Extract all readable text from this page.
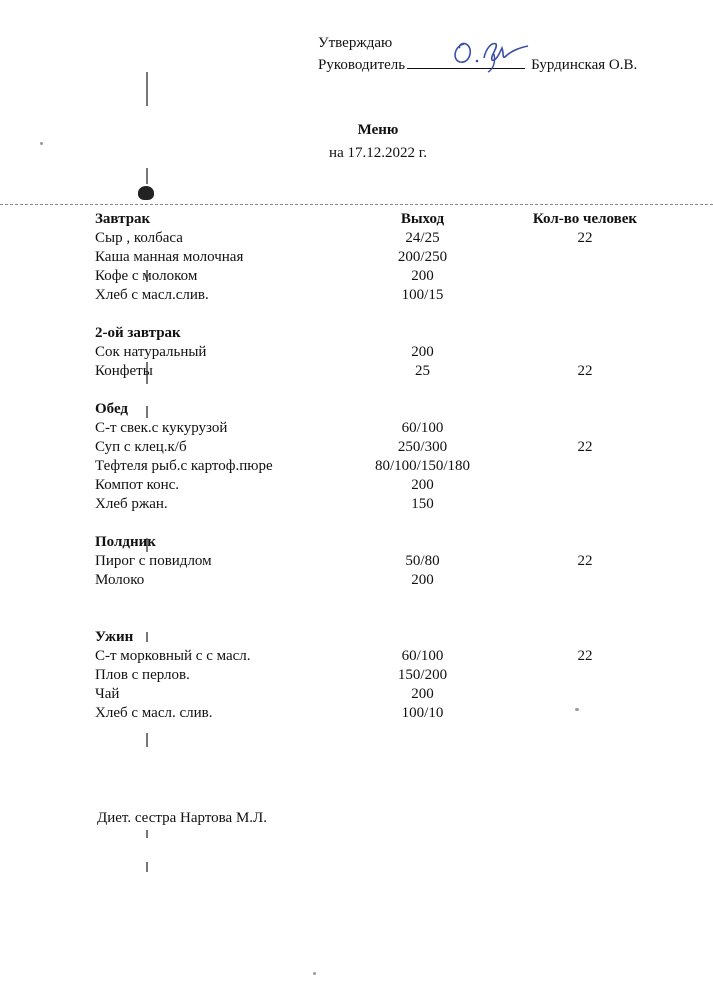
Утверждаю
Руководитель	Бурдинская О.В.
Меню
на 17.12.2022 г.
Завтрак	Выход	Кол-во человек
Сыр , колбаса	24/25	22
Каша манная молочная	200/250
Кофе с молоком	200
Хлеб с масл.слив.	100/15
2-ой завтрак
Сок натуральный	200
Конфеты	25	22
Обед
С-т свек.с кукурузой	60/100
Суп с клец.к/б	250/300	22
Тефтеля рыб.с картоф.пюре	80/100/150/180
Компот конс.	200
Хлеб ржан.	150
Полдник
Пирог с повидлом	50/80	22
Молоко	200
Ужин
С-т морковный с с масл.	60/100	22
Плов с перлов.	150/200
Чай	200
Хлеб с масл. слив.	100/10
Диет. сестра Нартова М.Л.
